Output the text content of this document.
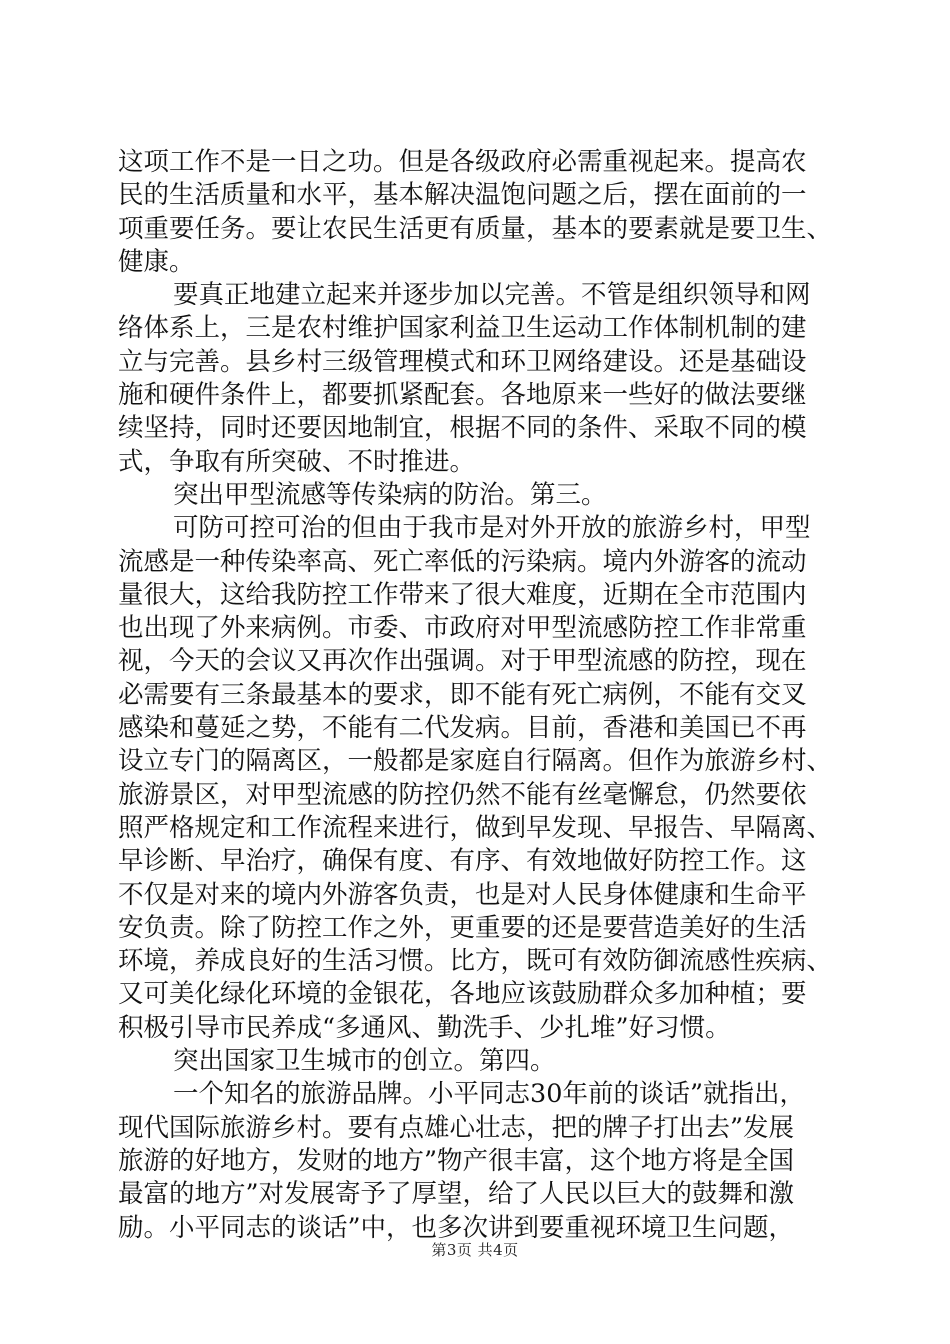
这项工作不是一日之功。但是各级政府必需重视起来。提高农
民的生活质量和水平，基本解决温饱问题之后，摆在面前的一
项重要任务。要让农民生活更有质量，基本的要素就是要卫生、
健康。
要真正地建立起来并逐步加以完善。不管是组织领导和网
络体系上，三是农村维护国家利益卫生运动工作体制机制的建
立与完善。县乡村三级管理模式和环卫网络建设。还是基础设
施和硬件条件上，都要抓紧配套。各地原来一些好的做法要继
续坚持，同时还要因地制宜，根据不同的条件、采取不同的模
式，争取有所突破、不时推进。
突出甲型流感等传染病的防治。第三。
可防可控可治的但由于我市是对外开放的旅游乡村，甲型
流感是一种传染率高、死亡率低的污染病。境内外游客的流动
量很大，这给我防控工作带来了很大难度，近期在全市范围内
也出现了外来病例。市委、市政府对甲型流感防控工作非常重
视，今天的会议又再次作出强调。对于甲型流感的防控，现在
必需要有三条最基本的要求，即不能有死亡病例，不能有交叉
感染和蔓延之势，不能有二代发病。目前，香港和美国已不再
设立专门的隔离区，一般都是家庭自行隔离。但作为旅游乡村、
旅游景区，对甲型流感的防控仍然不能有丝毫懈怠，仍然要依
照严格规定和工作流程来进行，做到早发现、早报告、早隔离、
早诊断、早治疗，确保有度、有序、有效地做好防控工作。这
不仅是对来的境内外游客负责，也是对人民身体健康和生命平
安负责。除了防控工作之外，更重要的还是要营造美好的生活
环境，养成良好的生活习惯。比方，既可有效防御流感性疾病、
又可美化绿化环境的金银花，各地应该鼓励群众多加种植；要
积极引导市民养成“多通风、勤洗手、少扎堆”好习惯。
突出国家卫生城市的创立。第四。
一个知名的旅游品牌。小平同志30年前的谈话”就指出，
现代国际旅游乡村。要有点雄心壮志，把的牌子打出去”发展
旅游的好地方，发财的地方”物产很丰富，这个地方将是全国
最富的地方”对发展寄予了厚望，给了人民以巨大的鼓舞和激
励。小平同志的谈话”中，也多次讲到要重视环境卫生问题，
第3页 共4页
